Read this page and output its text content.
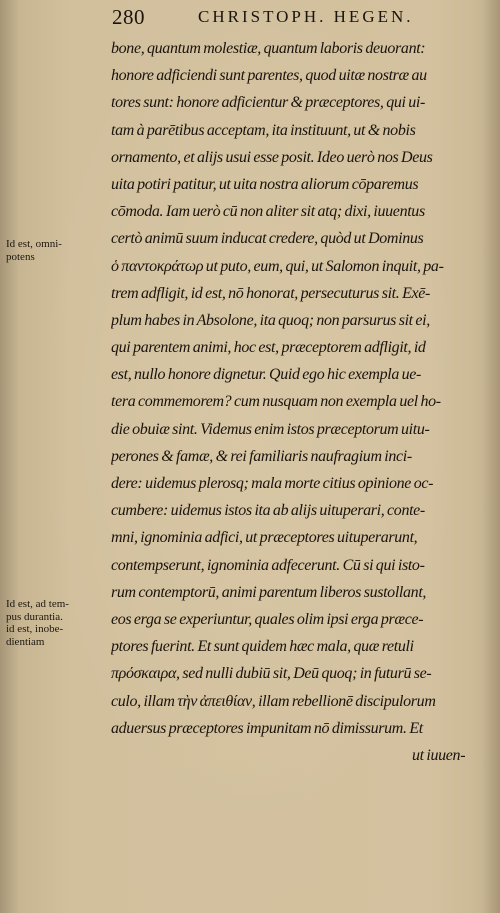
280	CHRISTOPH. HEGEN.
Id est, omni-
potens
Id est, ad tem-
pus durantia.
id est, inobe-
dientiam
bone, quantum molestiæ, quantum laboris deuorant:
honore adficiendi sunt parentes, quod uitæ nostræ au
tores sunt: honore adficientur & præceptores, qui ui-
tam à parētibus acceptam, ita instituunt, ut & nobis
ornamento, et alijs usui esse posit. Ideo uerò nos Deus
uita potiri patitur, ut uita nostra aliorum cōparemus
cōmoda. Iam uerò cū non aliter sit atq; dixi, iuuentus
certò animū suum inducat credere, quòd ut Dominus
ὁ παντοκράτωρ ut puto, eum, qui, ut Salomon inquit, pa-
trem adfligit, id est, nō honorat, persecuturus sit. Exē-
plum habes in Absolone, ita quoq; non parsurus sit ei,
qui parentem animi, hoc est, præceptorem adfligit, id
est, nullo honore dignetur. Quid ego hic exempla ue-
tera commemorem? cum nusquam non exempla uel ho-
die obuiæ sint. Videmus enim istos præceptorum uitu-
perones & famæ, & rei familiaris naufragium inci-
dere: uidemus plerosq; mala morte citius opinione oc-
cumbere: uidemus istos ita ab alijs uituperari, conte-
mni, ignominia adfici, ut præceptores uituperarunt,
contempserunt, ignominia adfecerunt. Cū si qui isto-
rum contemptorū, animi parentum liberos sustollant,
eos erga se experiuntur, quales olim ipsi erga præce-
ptores fuerint. Et sunt quidem hæc mala, quæ retuli
πρόσκαιρα, sed nulli dubiū sit, Deū quoq; in futurū se-
culo, illam τὴν ἀπειθίαν, illam rebellionē discipulorum
aduersus præceptores impunitam nō dimissurum. Et
ut iuuen-
